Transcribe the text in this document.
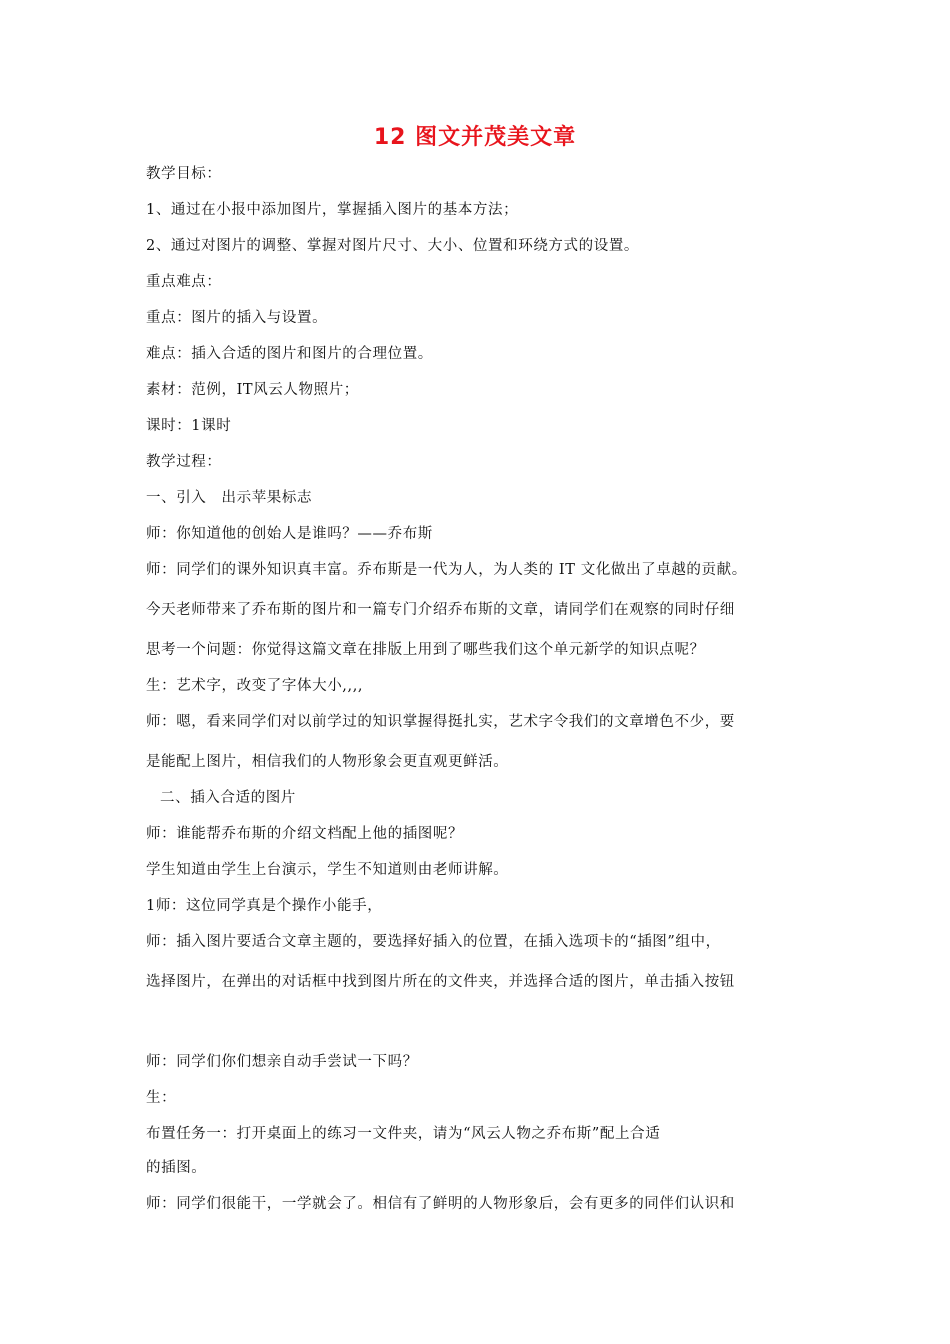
12 图文并茂美文章
教学目标：
1、通过在小报中添加图片，掌握插入图片的基本方法；
2、通过对图片的调整、掌握对图片尺寸、大小、位置和环绕方式的设置。
重点难点：
重点：图片的插入与设置。
难点：插入合适的图片和图片的合理位置。
素材：范例，IT风云人物照片；
课时：1课时
教学过程：
一、引入　出示苹果标志
师：你知道他的创始人是谁吗？——乔布斯
师：同学们的课外知识真丰富。乔布斯是一代为人，为人类的 IT 文化做出了卓越的贡献。
今天老师带来了乔布斯的图片和一篇专门介绍乔布斯的文章，请同学们在观察的同时仔细
思考一个问题：你觉得这篇文章在排版上用到了哪些我们这个单元新学的知识点呢？
生：艺术字，改变了字体大小,,,,
师：嗯，看来同学们对以前学过的知识掌握得挺扎实，艺术字令我们的文章增色不少，要
是能配上图片，相信我们的人物形象会更直观更鲜活。
二、插入合适的图片
师：谁能帮乔布斯的介绍文档配上他的插图呢？
学生知道由学生上台演示，学生不知道则由老师讲解。
1师：这位同学真是个操作小能手，
师：插入图片要适合文章主题的，要选择好插入的位置，在插入选项卡的“插图”组中，
选择图片，在弹出的对话框中找到图片所在的文件夹，并选择合适的图片，单击插入按钮
师：同学们你们想亲自动手尝试一下吗？
生：
布置任务一：打开桌面上的练习一文件夹，请为“风云人物之乔布斯”配上合适
的插图。
师：同学们很能干，一学就会了。相信有了鲜明的人物形象后，会有更多的同伴们认识和
